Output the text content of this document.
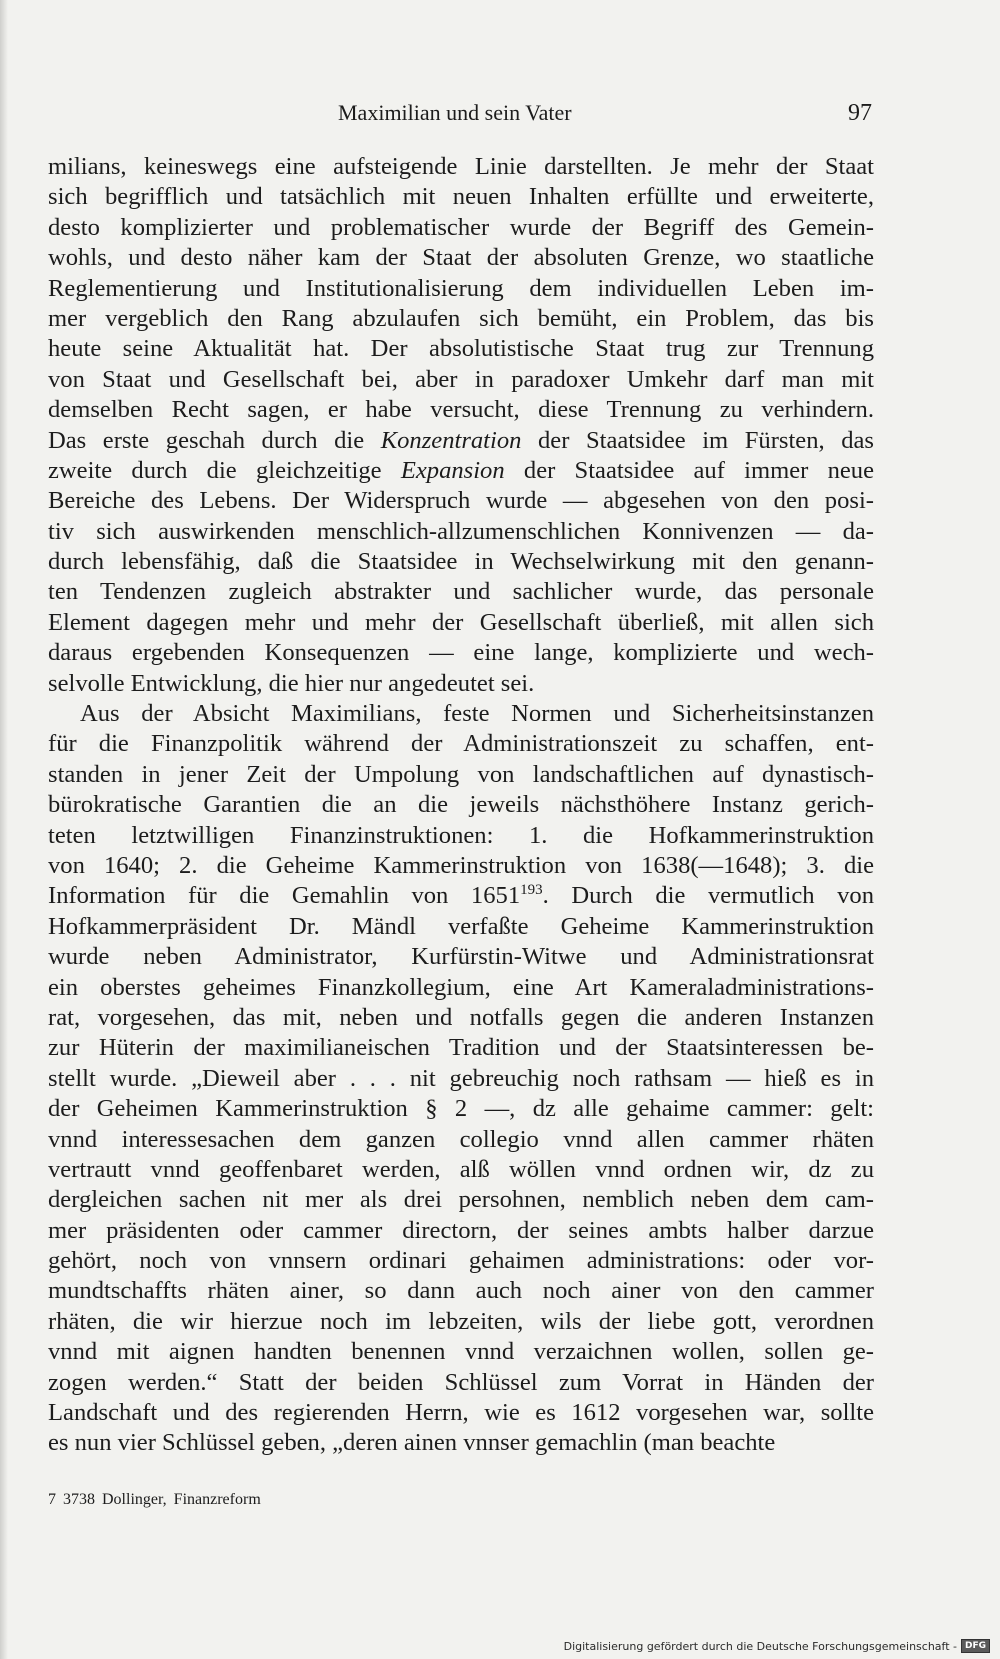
Maximilian und sein Vater	97
milians, keineswegs eine aufsteigende Linie darstellten. Je mehr der Staat
sich begrifflich und tatsächlich mit neuen Inhalten erfüllte und erweiterte,
desto komplizierter und problematischer wurde der Begriff des Gemein-
wohls, und desto näher kam der Staat der absoluten Grenze, wo staatliche
Reglementierung und Institutionalisierung dem individuellen Leben im-
mer vergeblich den Rang abzulaufen sich bemüht, ein Problem, das bis
heute seine Aktualität hat. Der absolutistische Staat trug zur Trennung
von Staat und Gesellschaft bei, aber in paradoxer Umkehr darf man mit
demselben Recht sagen, er habe versucht, diese Trennung zu verhindern.
Das erste geschah durch die Konzentration der Staatsidee im Fürsten, das
zweite durch die gleichzeitige Expansion der Staatsidee auf immer neue
Bereiche des Lebens. Der Widerspruch wurde — abgesehen von den posi-
tiv sich auswirkenden menschlich-allzumenschlichen Konnivenzen — da-
durch lebensfähig, daß die Staatsidee in Wechselwirkung mit den genann-
ten Tendenzen zugleich abstrakter und sachlicher wurde, das personale
Element dagegen mehr und mehr der Gesellschaft überließ, mit allen sich
daraus ergebenden Konsequenzen — eine lange, komplizierte und wech-
selvolle Entwicklung, die hier nur angedeutet sei.
Aus der Absicht Maximilians, feste Normen und Sicherheitsinstanzen
für die Finanzpolitik während der Administrationszeit zu schaffen, ent-
standen in jener Zeit der Umpolung von landschaftlichen auf dynastisch-
bürokratische Garantien die an die jeweils nächsthöhere Instanz gerich-
teten letztwilligen Finanzinstruktionen: 1. die Hofkammerinstruktion
von 1640; 2. die Geheime Kammerinstruktion von 1638(—1648); 3. die
Information für die Gemahlin von 1651$^{193}$. Durch die vermutlich von
Hofkammerpräsident Dr. Mändl verfaßte Geheime Kammerinstruktion
wurde neben Administrator, Kurfürstin-Witwe und Administrationsrat
ein oberstes geheimes Finanzkollegium, eine Art Kameraladministrations-
rat, vorgesehen, das mit, neben und notfalls gegen die anderen Instanzen
zur Hüterin der maximilianeischen Tradition und der Staatsinteressen be-
stellt wurde. „Dieweil aber . . . nit gebreuchig noch rathsam — hieß es in
der Geheimen Kammerinstruktion § 2 —, dz alle gehaime cammer: gelt:
vnnd interessesachen dem ganzen collegio vnnd allen cammer rhäten
vertrautt vnnd geoffenbaret werden, alß wöllen vnnd ordnen wir, dz zu
dergleichen sachen nit mer als drei persohnen, nemblich neben dem cam-
mer präsidenten oder cammer directorn, der seines ambts halber darzue
gehört, noch von vnnsern ordinari gehaimen administrations: oder vor-
mundtschaffts rhäten ainer, so dann auch noch ainer von den cammer
rhäten, die wir hierzue noch im lebzeiten, wils der liebe gott, verordnen
vnnd mit aignen handten benennen vnnd verzaichnen wollen, sollen ge-
zogen werden.“ Statt der beiden Schlüssel zum Vorrat in Händen der
Landschaft und des regierenden Herrn, wie es 1612 vorgesehen war, sollte
es nun vier Schlüssel geben, „deren ainen vnnser gemachlin (man beachte
7 3738 Dollinger, Finanzreform
Digitalisierung gefördert durch die Deutsche Forschungsgemeinschaft - DFG
